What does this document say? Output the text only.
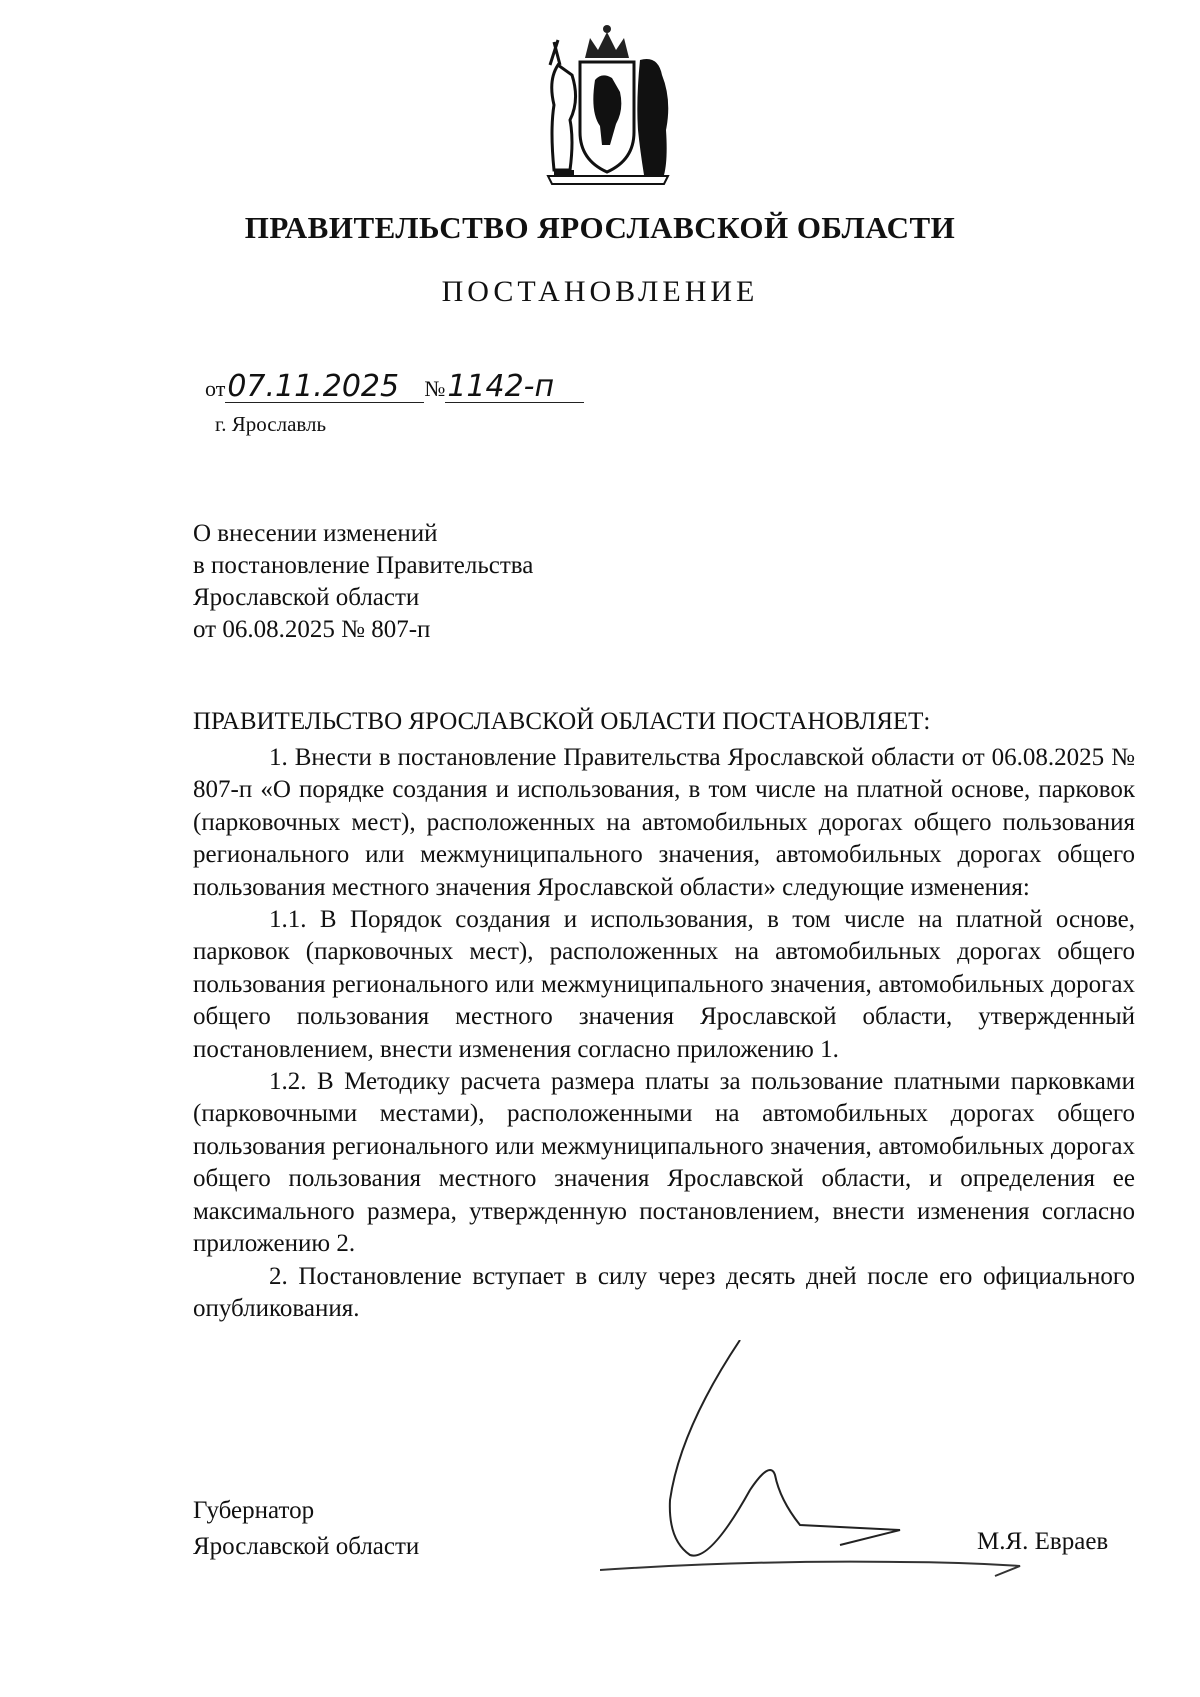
ПРАВИТЕЛЬСТВО ЯРОСЛАВСКОЙ ОБЛАСТИ
ПОСТАНОВЛЕНИЕ
от07.11.2025 №1142-п
г. Ярославль
О внесении изменений
в постановление Правительства
Ярославской области
от 06.08.2025 № 807-п
ПРАВИТЕЛЬСТВО ЯРОСЛАВСКОЙ ОБЛАСТИ ПОСТАНОВЛЯЕТ:

1. Внести в постановление Правительства Ярославской области от 06.08.2025 № 807-п «О порядке создания и использования, в том числе на платной основе, парковок (парковочных мест), расположенных на автомобильных дорогах общего пользования регионального или межмуниципального значения, автомобильных дорогах общего пользования местного значения Ярославской области» следующие изменения:

1.1. В Порядок создания и использования, в том числе на платной основе, парковок (парковочных мест), расположенных на автомобильных дорогах общего пользования регионального или межмуниципального значения, автомобильных дорогах общего пользования местного значения Ярославской области, утвержденный постановлением, внести изменения согласно приложению 1.

1.2. В Методику расчета размера платы за пользование платными парковками (парковочными местами), расположенными на автомобильных дорогах общего пользования регионального или межмуниципального значения, автомобильных дорогах общего пользования местного значения Ярославской области, и определения ее максимального размера, утвержденную постановлением, внести изменения согласно приложению 2.

2. Постановление вступает в силу через десять дней после его официального опубликования.

Губернатор
Ярославской области	М.Я. Евраев
